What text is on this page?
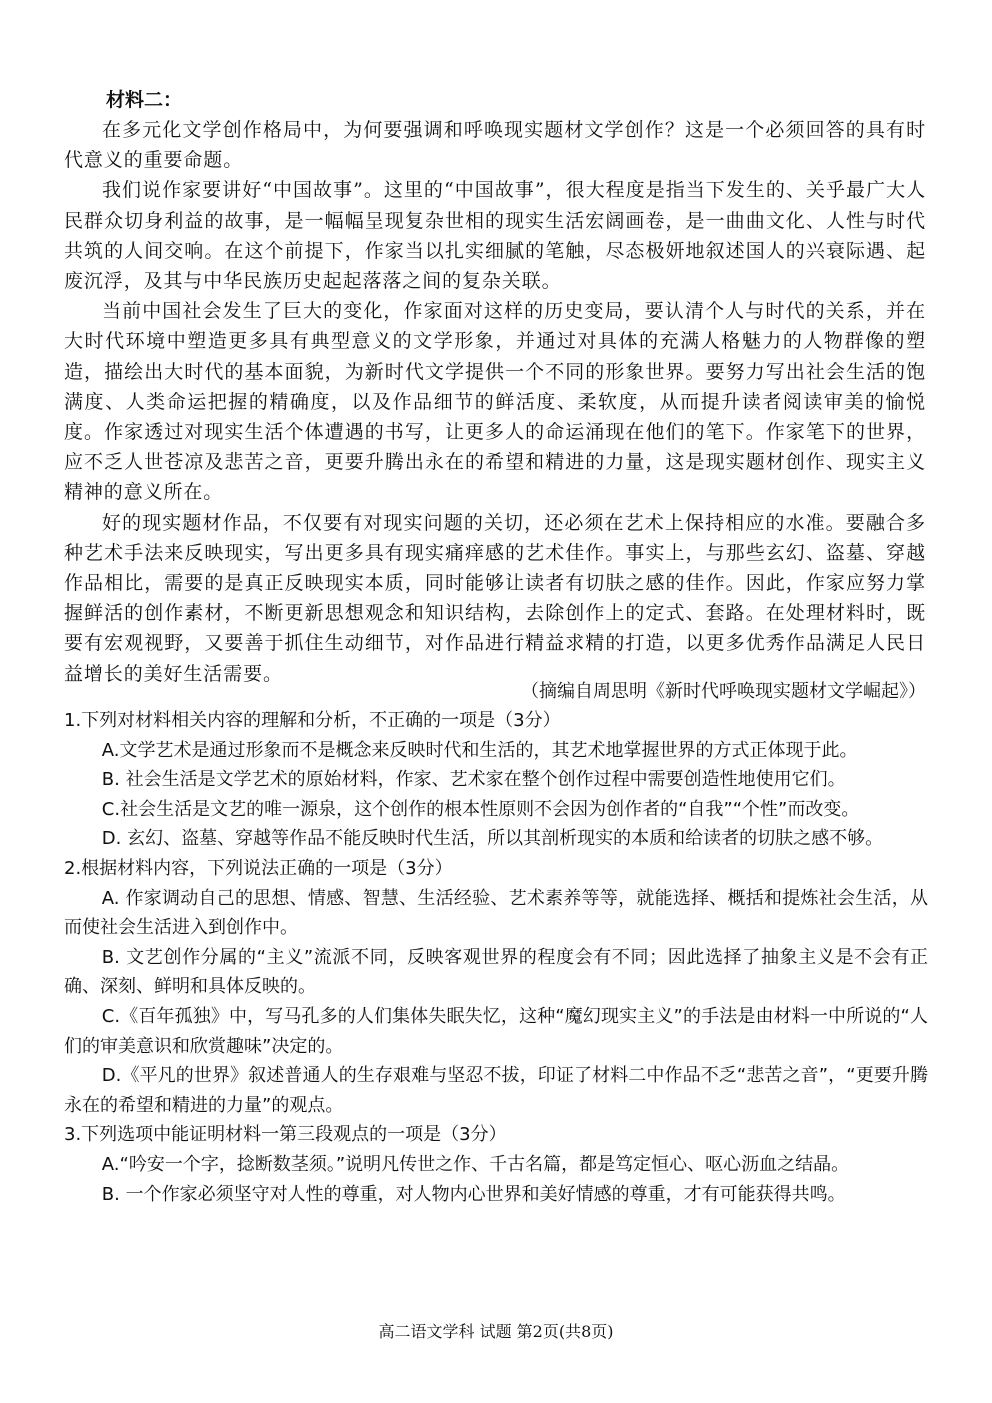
材料二：

在多元化文学创作格局中，为何要强调和呼唤现实题材文学创作？这是一个必须回答的具有时代意义的重要命题。

我们说作家要讲好“中国故事”。这里的“中国故事”，很大程度是指当下发生的、关乎最广大人民群众切身利益的故事，是一幅幅呈现复杂世相的现实生活宏阔画卷，是一曲曲文化、人性与时代共筑的人间交响。在这个前提下，作家当以扎实细腻的笔触，尽态极妍地叙述国人的兴衰际遇、起废沉浮，及其与中华民族历史起起落落之间的复杂关联。

当前中国社会发生了巨大的变化，作家面对这样的历史变局，要认清个人与时代的关系，并在大时代环境中塑造更多具有典型意义的文学形象，并通过对具体的充满人格魅力的人物群像的塑造，描绘出大时代的基本面貌，为新时代文学提供一个不同的形象世界。要努力写出社会生活的饱满度、人类命运把握的精确度，以及作品细节的鲜活度、柔软度，从而提升读者阅读审美的愉悦度。作家透过对现实生活个体遭遇的书写，让更多人的命运涌现在他们的笔下。作家笔下的世界，应不乏人世苍凉及悲苦之音，更要升腾出永在的希望和精进的力量，这是现实题材创作、现实主义精神的意义所在。

好的现实题材作品，不仅要有对现实问题的关切，还必须在艺术上保持相应的水准。要融合多种艺术手法来反映现实，写出更多具有现实痛痒感的艺术佳作。事实上，与那些玄幻、盗墓、穿越作品相比，需要的是真正反映现实本质，同时能够让读者有切肤之感的佳作。因此，作家应努力掌握鲜活的创作素材，不断更新思想观念和知识结构，去除创作上的定式、套路。在处理材料时，既要有宏观视野，又要善于抓住生动细节，对作品进行精益求精的打造，以更多优秀作品满足人民日益增长的美好生活需要。

（摘编自周思明《新时代呼唤现实题材文学崛起》）

1.下列对材料相关内容的理解和分析，不正确的一项是（3分）

A.文学艺术是通过形象而不是概念来反映时代和生活的，其艺术地掌握世界的方式正体现于此。

B. 社会生活是文学艺术的原始材料，作家、艺术家在整个创作过程中需要创造性地使用它们。

C.社会生活是文艺的唯一源泉，这个创作的根本性原则不会因为创作者的“自我”“个性”而改变。

D. 玄幻、盗墓、穿越等作品不能反映时代生活，所以其剖析现实的本质和给读者的切肤之感不够。

2.根据材料内容，下列说法正确的一项是（3分）

A. 作家调动自己的思想、情感、智慧、生活经验、艺术素养等等，就能选择、概括和提炼社会生活，从而使社会生活进入到创作中。

B. 文艺创作分属的“主义”流派不同，反映客观世界的程度会有不同；因此选择了抽象主义是不会有正确、深刻、鲜明和具体反映的。

C.《百年孤独》中，写马孔多的人们集体失眠失忆，这种“魔幻现实主义”的手法是由材料一中所说的“人们的审美意识和欣赏趣味”决定的。

D.《平凡的世界》叙述普通人的生存艰难与坚忍不拔，印证了材料二中作品不乏“悲苦之音”，“更要升腾永在的希望和精进的力量”的观点。

3.下列选项中能证明材料一第三段观点的一项是（3分）

A.“吟安一个字，捻断数茎须。”说明凡传世之作、千古名篇，都是笃定恒心、呕心沥血之结晶。

B. 一个作家必须坚守对人性的尊重，对人物内心世界和美好情感的尊重，才有可能获得共鸣。

高二语文学科 试题 第2页(共8页)
